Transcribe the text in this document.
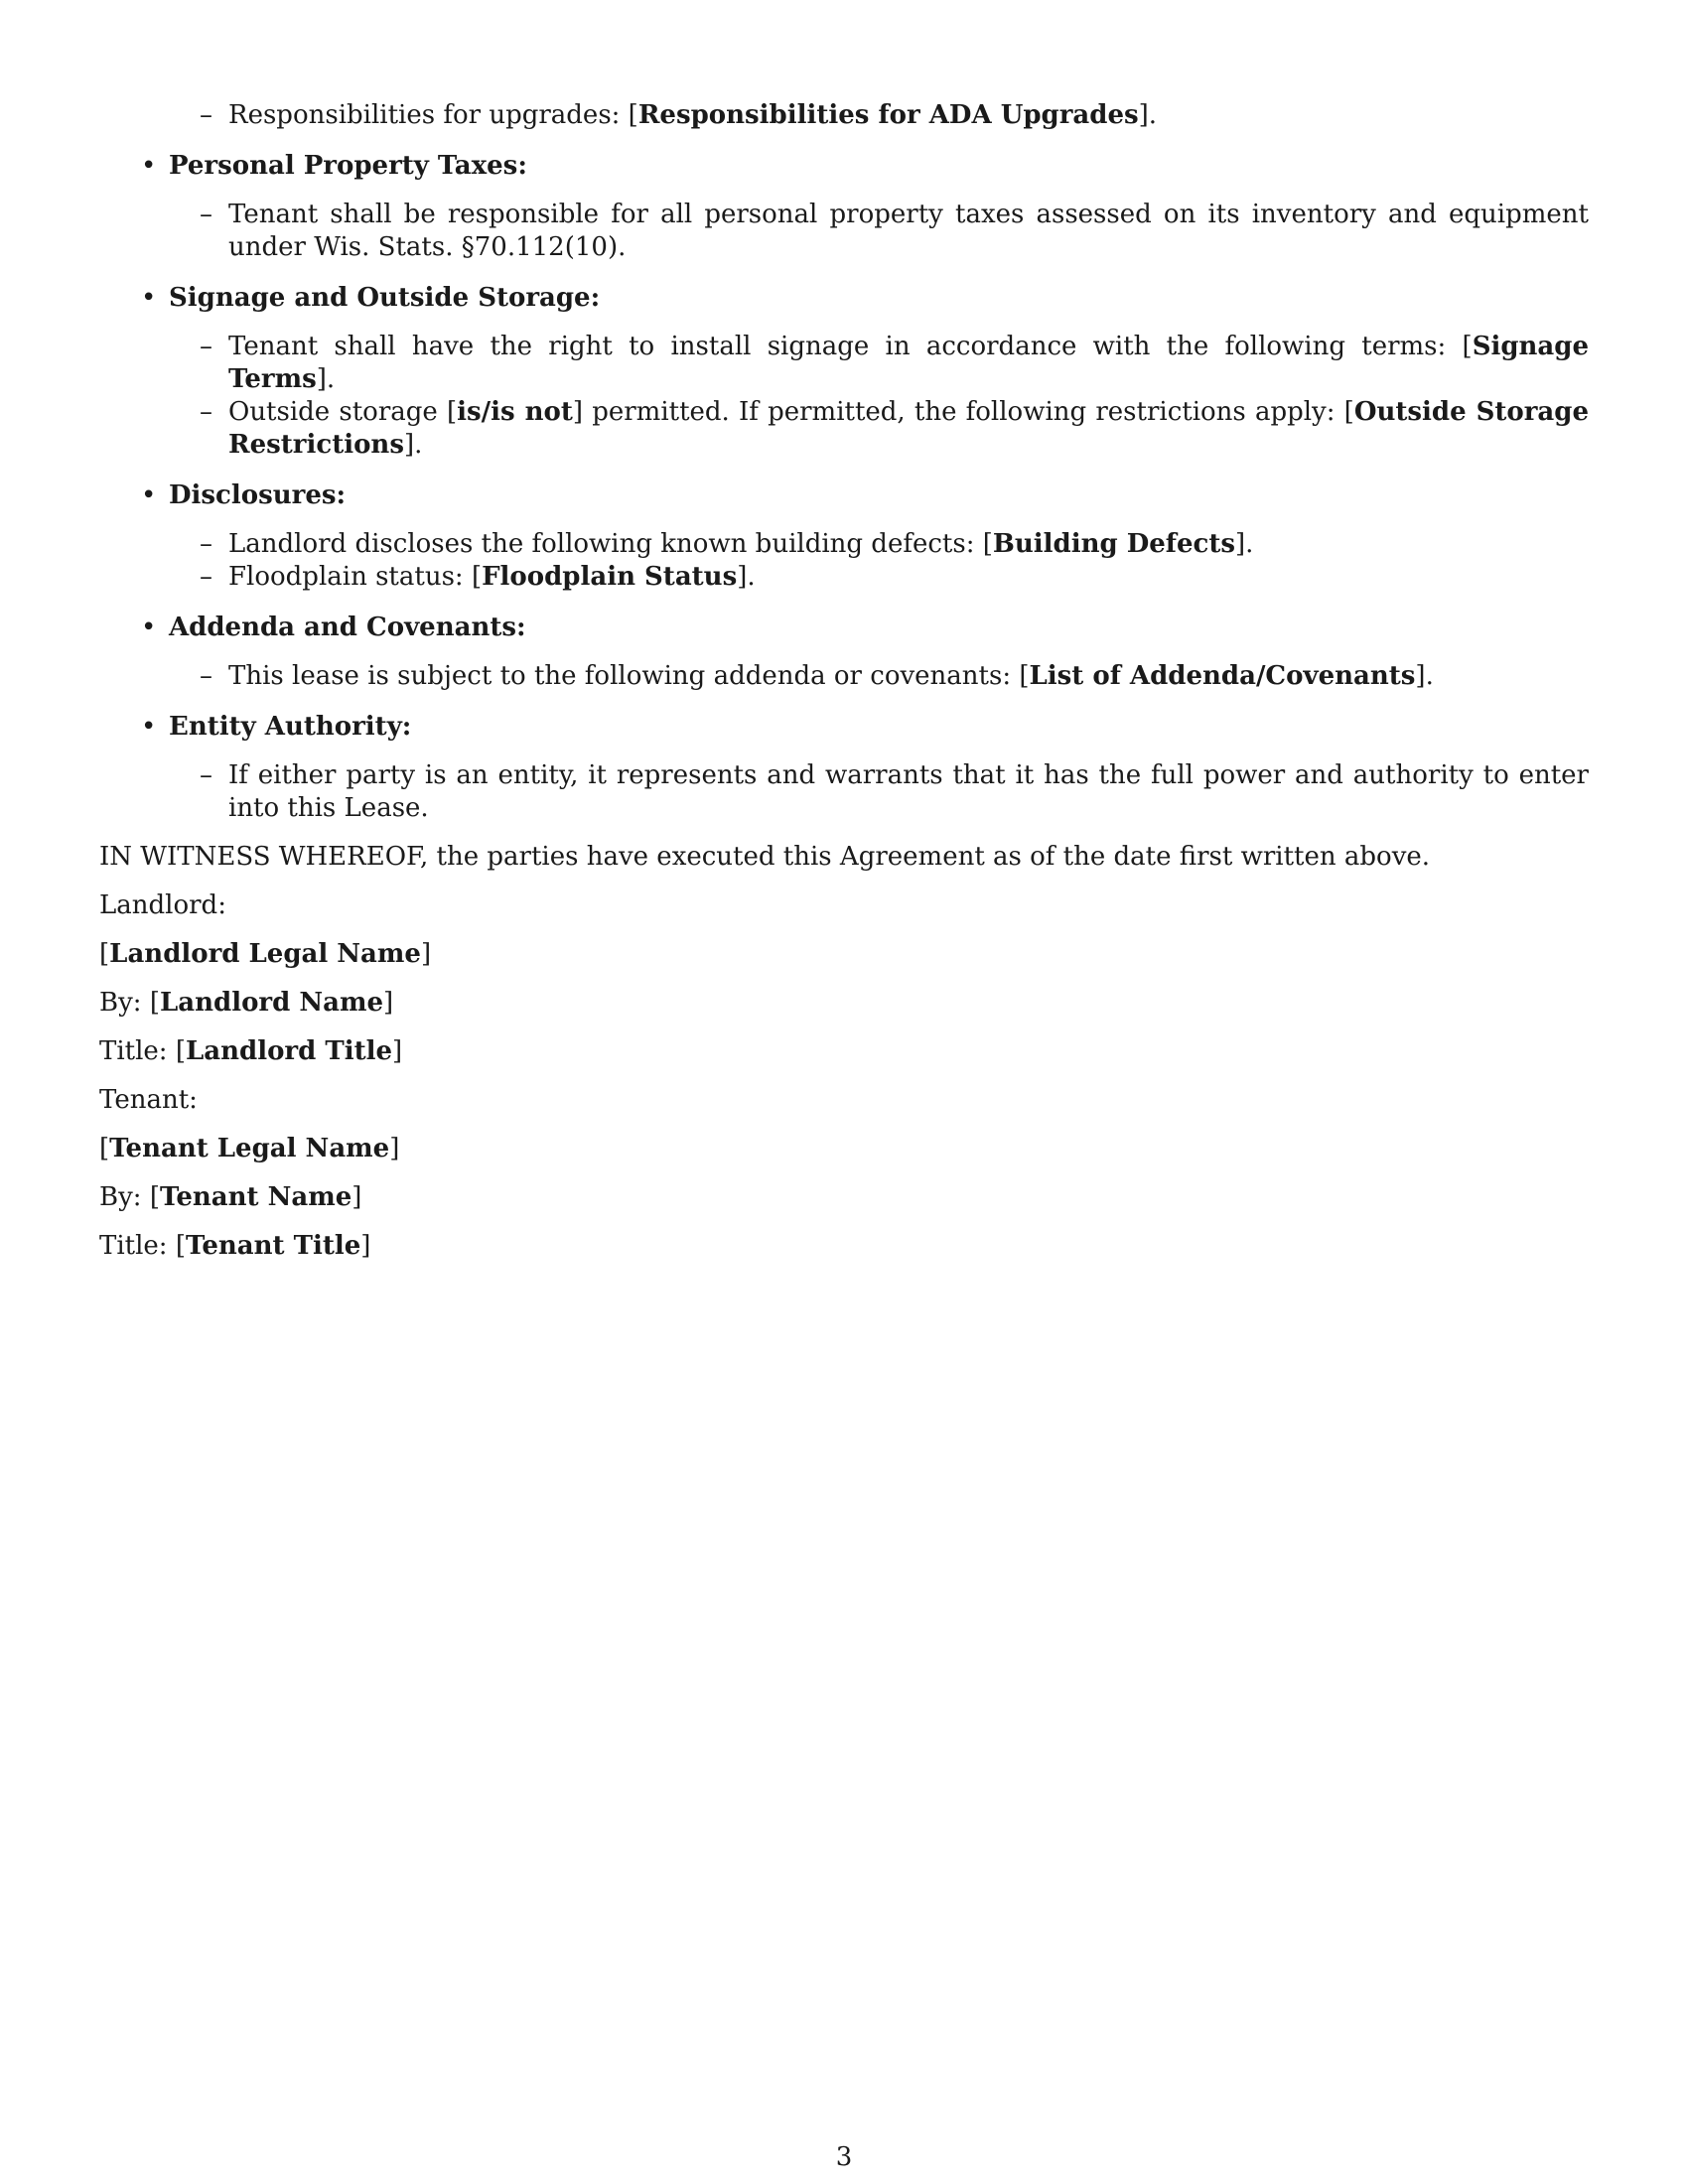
– Responsibilities for upgrades: [Responsibilities for ADA Upgrades].
• Personal Property Taxes:
– Tenant shall be responsible for all personal property taxes assessed on its inventory and equipment under Wis. Stats. §70.112(10).
• Signage and Outside Storage:
– Tenant shall have the right to install signage in accordance with the following terms: [Signage Terms].
– Outside storage [is/is not] permitted. If permitted, the following restrictions apply: [Outside Storage Restrictions].
• Disclosures:
– Landlord discloses the following known building defects: [Building Defects].
– Floodplain status: [Floodplain Status].
• Addenda and Covenants:
– This lease is subject to the following addenda or covenants: [List of Addenda/Covenants].
• Entity Authority:
– If either party is an entity, it represents and warrants that it has the full power and authority to enter into this Lease.
IN WITNESS WHEREOF, the parties have executed this Agreement as of the date first written above.
Landlord:
[Landlord Legal Name]
By: [Landlord Name]
Title: [Landlord Title]
Tenant:
[Tenant Legal Name]
By: [Tenant Name]
Title: [Tenant Title]
3
